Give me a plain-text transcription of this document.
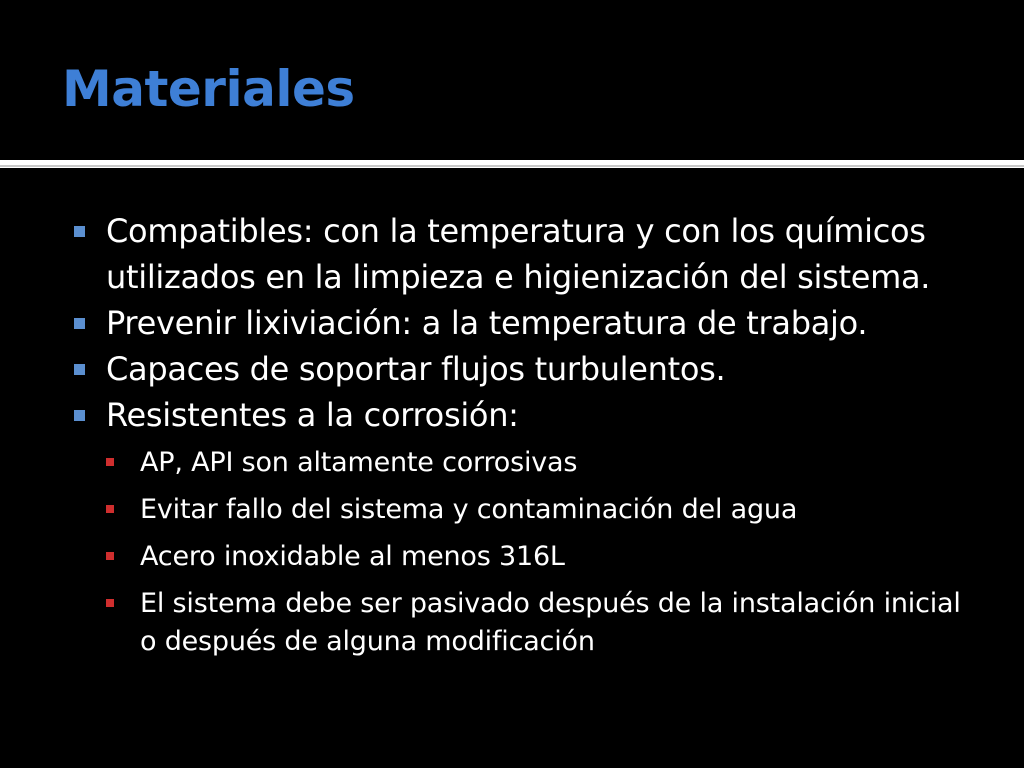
Materiales
Compatibles: con la temperatura y con los químicos utilizados en la limpieza e higienización del sistema.
Prevenir lixiviación: a la temperatura de trabajo.
Capaces de soportar flujos turbulentos.
Resistentes a la corrosión:
AP, API son altamente corrosivas
Evitar fallo del sistema y contaminación del agua
Acero inoxidable al menos 316L
El sistema debe ser pasivado después de la instalación inicial o después de alguna modificación
